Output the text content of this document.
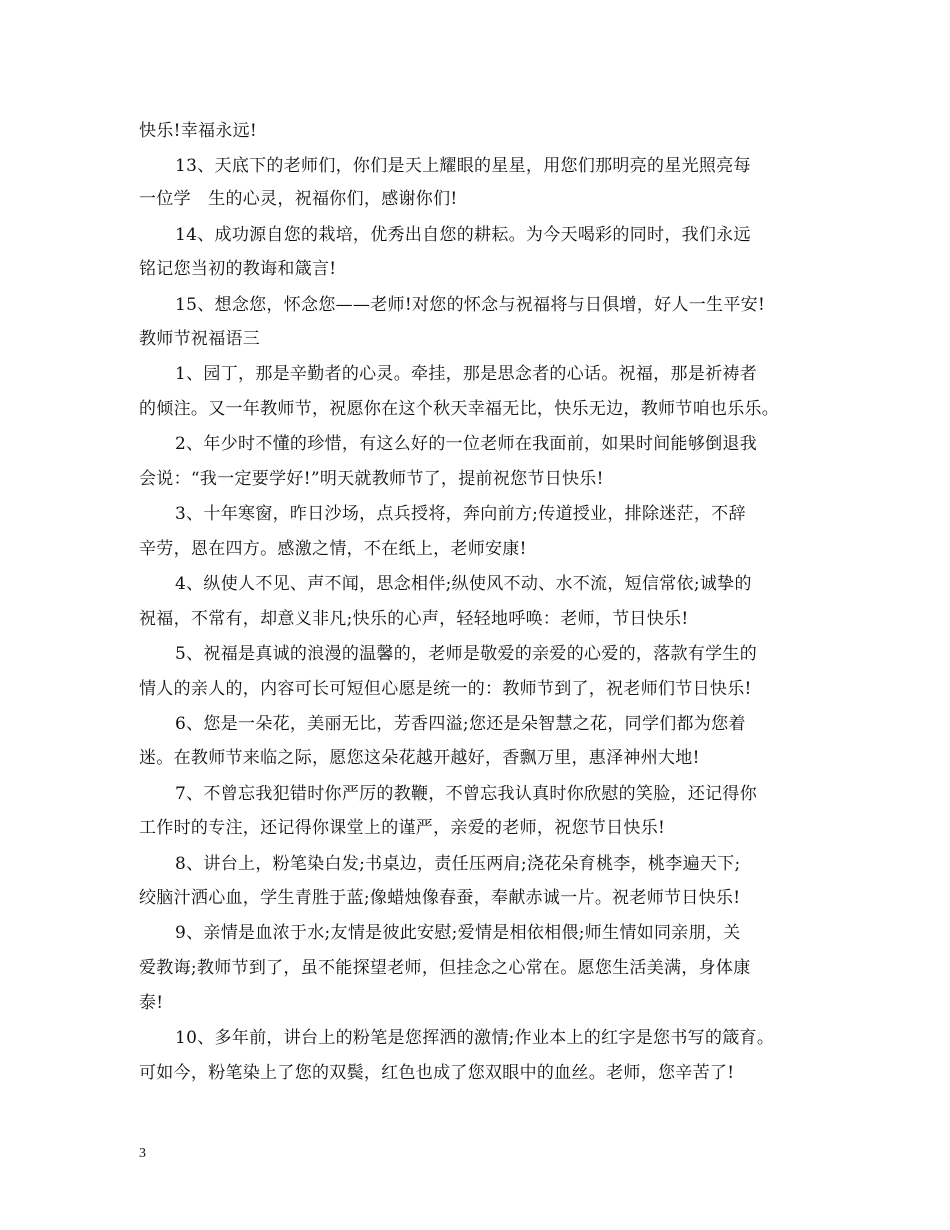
快乐!幸福永远!
13、天底下的老师们，你们是天上耀眼的星星，用您们那明亮的星光照亮每
一位学　生的心灵，祝福你们，感谢你们!
14、成功源自您的栽培，优秀出自您的耕耘。为今天喝彩的同时，我们永远
铭记您当初的教诲和箴言!
15、想念您，怀念您——老师!对您的怀念与祝福将与日俱增，好人一生平安!
教师节祝福语三
1、园丁，那是辛勤者的心灵。牵挂，那是思念者的心话。祝福，那是祈祷者
的倾注。又一年教师节，祝愿你在这个秋天幸福无比，快乐无边，教师节咱也乐乐。
2、年少时不懂的珍惜，有这么好的一位老师在我面前，如果时间能够倒退我
会说：“我一定要学好!”明天就教师节了，提前祝您节日快乐!
3、十年寒窗，昨日沙场，点兵授将，奔向前方;传道授业，排除迷茫，不辞
辛劳，恩在四方。感激之情，不在纸上，老师安康!
4、纵使人不见、声不闻，思念相伴;纵使风不动、水不流，短信常依;诚挚的
祝福，不常有，却意义非凡;快乐的心声，轻轻地呼唤：老师，节日快乐!
5、祝福是真诚的浪漫的温馨的，老师是敬爱的亲爱的心爱的，落款有学生的
情人的亲人的，内容可长可短但心愿是统一的：教师节到了，祝老师们节日快乐!
6、您是一朵花，美丽无比，芳香四溢;您还是朵智慧之花，同学们都为您着
迷。在教师节来临之际，愿您这朵花越开越好，香飘万里，惠泽神州大地!
7、不曾忘我犯错时你严厉的教鞭，不曾忘我认真时你欣慰的笑脸，还记得你
工作时的专注，还记得你课堂上的谨严，亲爱的老师，祝您节日快乐!
8、讲台上，粉笔染白发;书桌边，责任压两肩;浇花朵育桃李，桃李遍天下;
绞脑汁洒心血，学生青胜于蓝;像蜡烛像春蚕，奉献赤诚一片。祝老师节日快乐!
9、亲情是血浓于水;友情是彼此安慰;爱情是相依相偎;师生情如同亲朋，关
爱教诲;教师节到了，虽不能探望老师，但挂念之心常在。愿您生活美满，身体康
泰!
10、多年前，讲台上的粉笔是您挥洒的激情;作业本上的红字是您书写的箴育。
可如今，粉笔染上了您的双鬓，红色也成了您双眼中的血丝。老师，您辛苦了!
3
